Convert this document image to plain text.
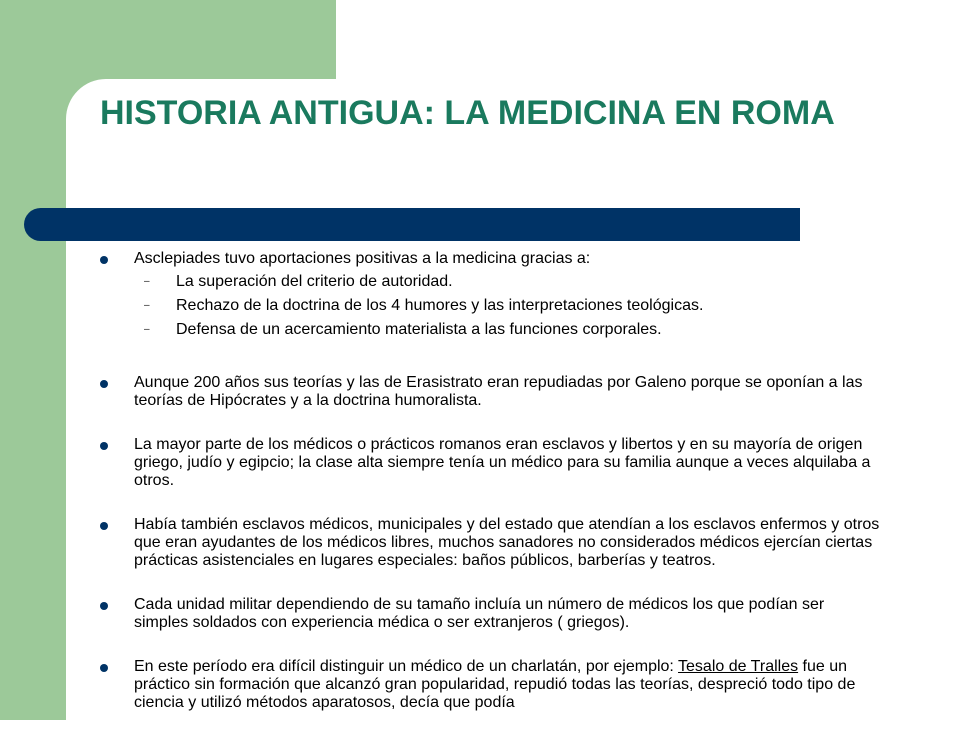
HISTORIA ANTIGUA: LA MEDICINA EN ROMA
Asclepiades tuvo aportaciones positivas a la medicina gracias a:
–	La superación del criterio de autoridad.
–	Rechazo de la doctrina de los 4 humores y las interpretaciones teológicas.
–	Defensa de un acercamiento materialista a las funciones corporales.
Aunque 200 años sus teorías y las de Erasistrato eran repudiadas por Galeno porque se oponían a las teorías de Hipócrates y a la doctrina humoralista.
La mayor parte de los médicos o prácticos romanos eran esclavos y libertos y en su mayoría de origen griego, judío y egipcio; la clase alta siempre tenía un médico para su familia aunque a veces alquilaba a otros.
Había también esclavos médicos, municipales y del estado que atendían a los esclavos enfermos y otros que eran ayudantes de los médicos libres, muchos sanadores no considerados médicos ejercían ciertas prácticas asistenciales en lugares especiales: baños públicos, barberías y teatros.
Cada unidad militar dependiendo de su tamaño incluía un número de médicos los que podían ser simples soldados con experiencia médica o ser extranjeros ( griegos).
En este período era difícil distinguir un médico de un charlatán, por ejemplo: Tesalo de Tralles fue un práctico sin formación que alcanzó gran popularidad, repudió todas las teorías, despreció todo tipo de ciencia y utilizó métodos aparatosos, decía que podía
